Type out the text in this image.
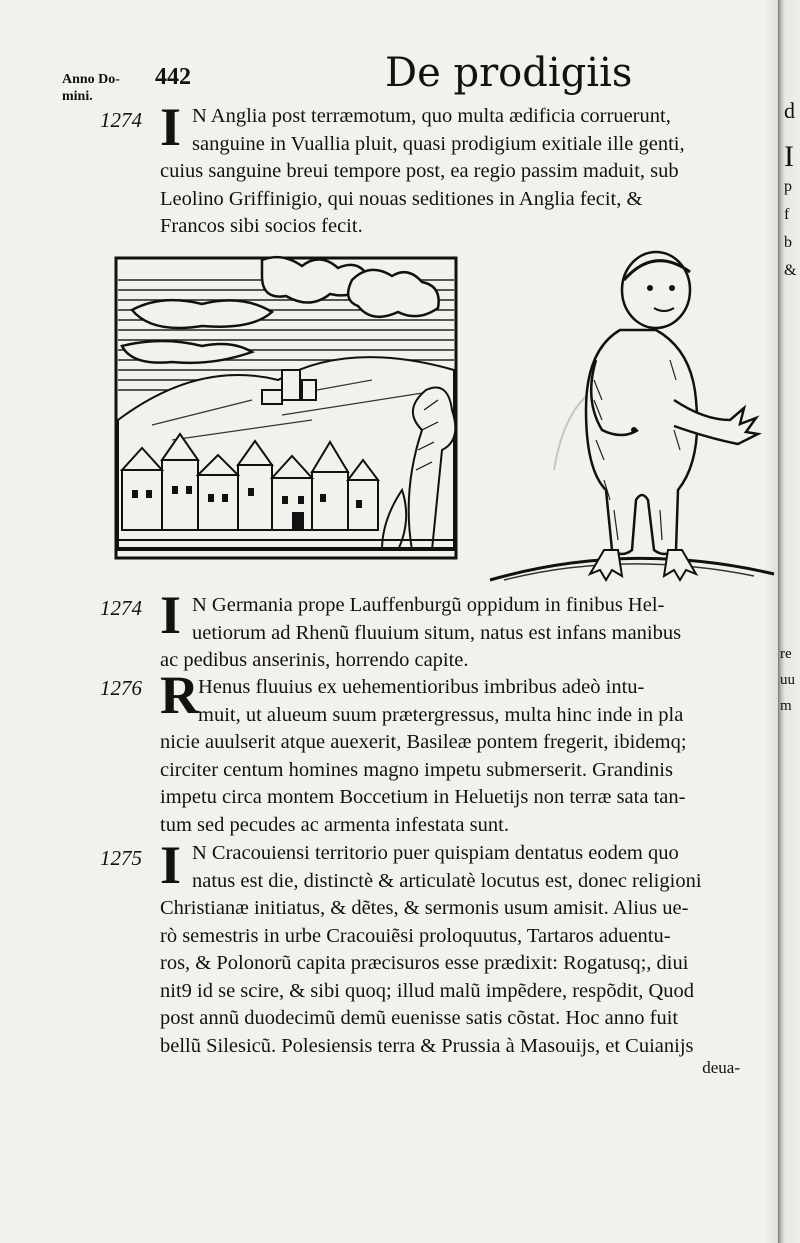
d
I
p
f
b
&
re
uu
m
Anno Do-
mini.
442	De prodigiis
1274 I N Anglia post terræmotum, quo multa ædificia corruerunt,
sanguine in Vuallia pluit, quasi prodigium exitiale ille genti,
cuius sanguine breui tempore post, ea regio passim maduit, sub
Leolino Griffinigio, qui nouas seditiones in Anglia fecit, &
Francos sibi socios fecit.
1274 I N Germania prope Lauffenburgũ oppidum in finibus Hel-
uetiorum ad Rhenũ fluuium situm, natus est infans manibus
ac pedibus anserinis, horrendo capite.
1276 R Henus fluuius ex uehementioribus imbribus adeò intu-
muit, ut alueum suum prætergressus, multa hinc inde in pla
nicie auulserit atque auexerit, Basileæ pontem fregerit, ibidemq;
circiter centum homines magno impetu submerserit. Grandinis
impetu circa montem Boccetium in Heluetijs non terræ sata tan-
tum sed pecudes ac armenta infestata sunt.
1275 I N Cracouiensi territorio puer quispiam dentatus eodem quo
natus est die, distinctè & articulatè locutus est, donec religioni
Christianæ initiatus, & dẽtes, & sermonis usum amisit. Alius ue-
rò semestris in urbe Cracouiẽsi proloquutus, Tartaros aduentu-
ros, & Polonorũ capita præcisuros esse prædixit: Rogatusq;, diui
nit9 id se scire, & sibi quoq; illud malũ impẽdere, respõdit, Quod
post annũ duodecimũ demũ euenisse satis cõstat. Hoc anno fuit
bellũ Silesicũ. Polesiensis terra & Prussia à Masouijs, et Cuianijs
deua-
